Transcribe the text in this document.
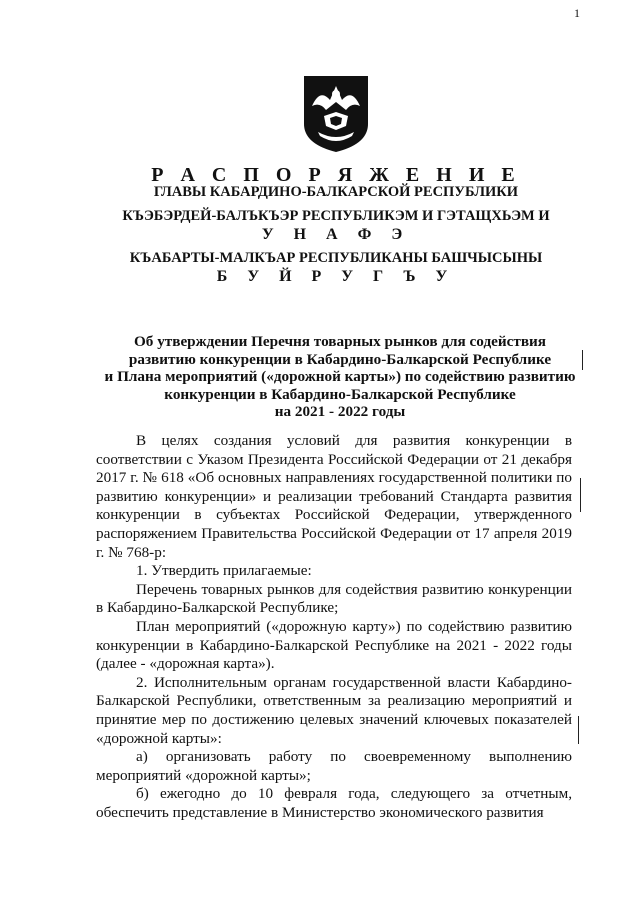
1
Р А С П О Р Я Ж Е Н И Е
ГЛАВЫ КАБАРДИНО-БАЛКАРСКОЙ РЕСПУБЛИКИ
КЪЭБЭРДЕЙ-БАЛЪКЪЭР РЕСПУБЛИКЭМ И ГЭТАЩХЬЭМ И
У Н А Ф Э
КЪАБАРТЫ-МАЛКЪАР РЕСПУБЛИКАНЫ БАШЧЫСЫНЫ
Б У Й Р У Г Ъ У
Об утверждении Перечня товарных рынков для содействия
развитию конкуренции в Кабардино-Балкарской Республике
и Плана мероприятий («дорожной карты») по содействию развитию
конкуренции в Кабардино-Балкарской Республике
на 2021 - 2022 годы
В целях создания условий для развития конкуренции в соответствии с Указом Президента Российской Федерации от 21 декабря 2017 г. № 618 «Об основных направлениях государственной политики по развитию конкуренции» и реализации требований Стандарта развития конкуренции в субъектах Российской Федерации, утвержденного распоряжением Правительства Российской Федерации от 17 апреля 2019 г. № 768-р:
1. Утвердить прилагаемые:
Перечень товарных рынков для содействия развитию конкуренции в Кабардино-Балкарской Республике;
План мероприятий («дорожную карту») по содействию развитию конкуренции в Кабардино-Балкарской Республике на 2021 - 2022 годы (далее - «дорожная карта»).
2. Исполнительным органам государственной власти Кабардино-Балкарской Республики, ответственным за реализацию мероприятий и принятие мер по достижению целевых значений ключевых показателей «дорожной карты»:
а) организовать работу по своевременному выполнению мероприятий «дорожной карты»;
б) ежегодно до 10 февраля года, следующего за отчетным, обеспечить представление в Министерство экономического развития
